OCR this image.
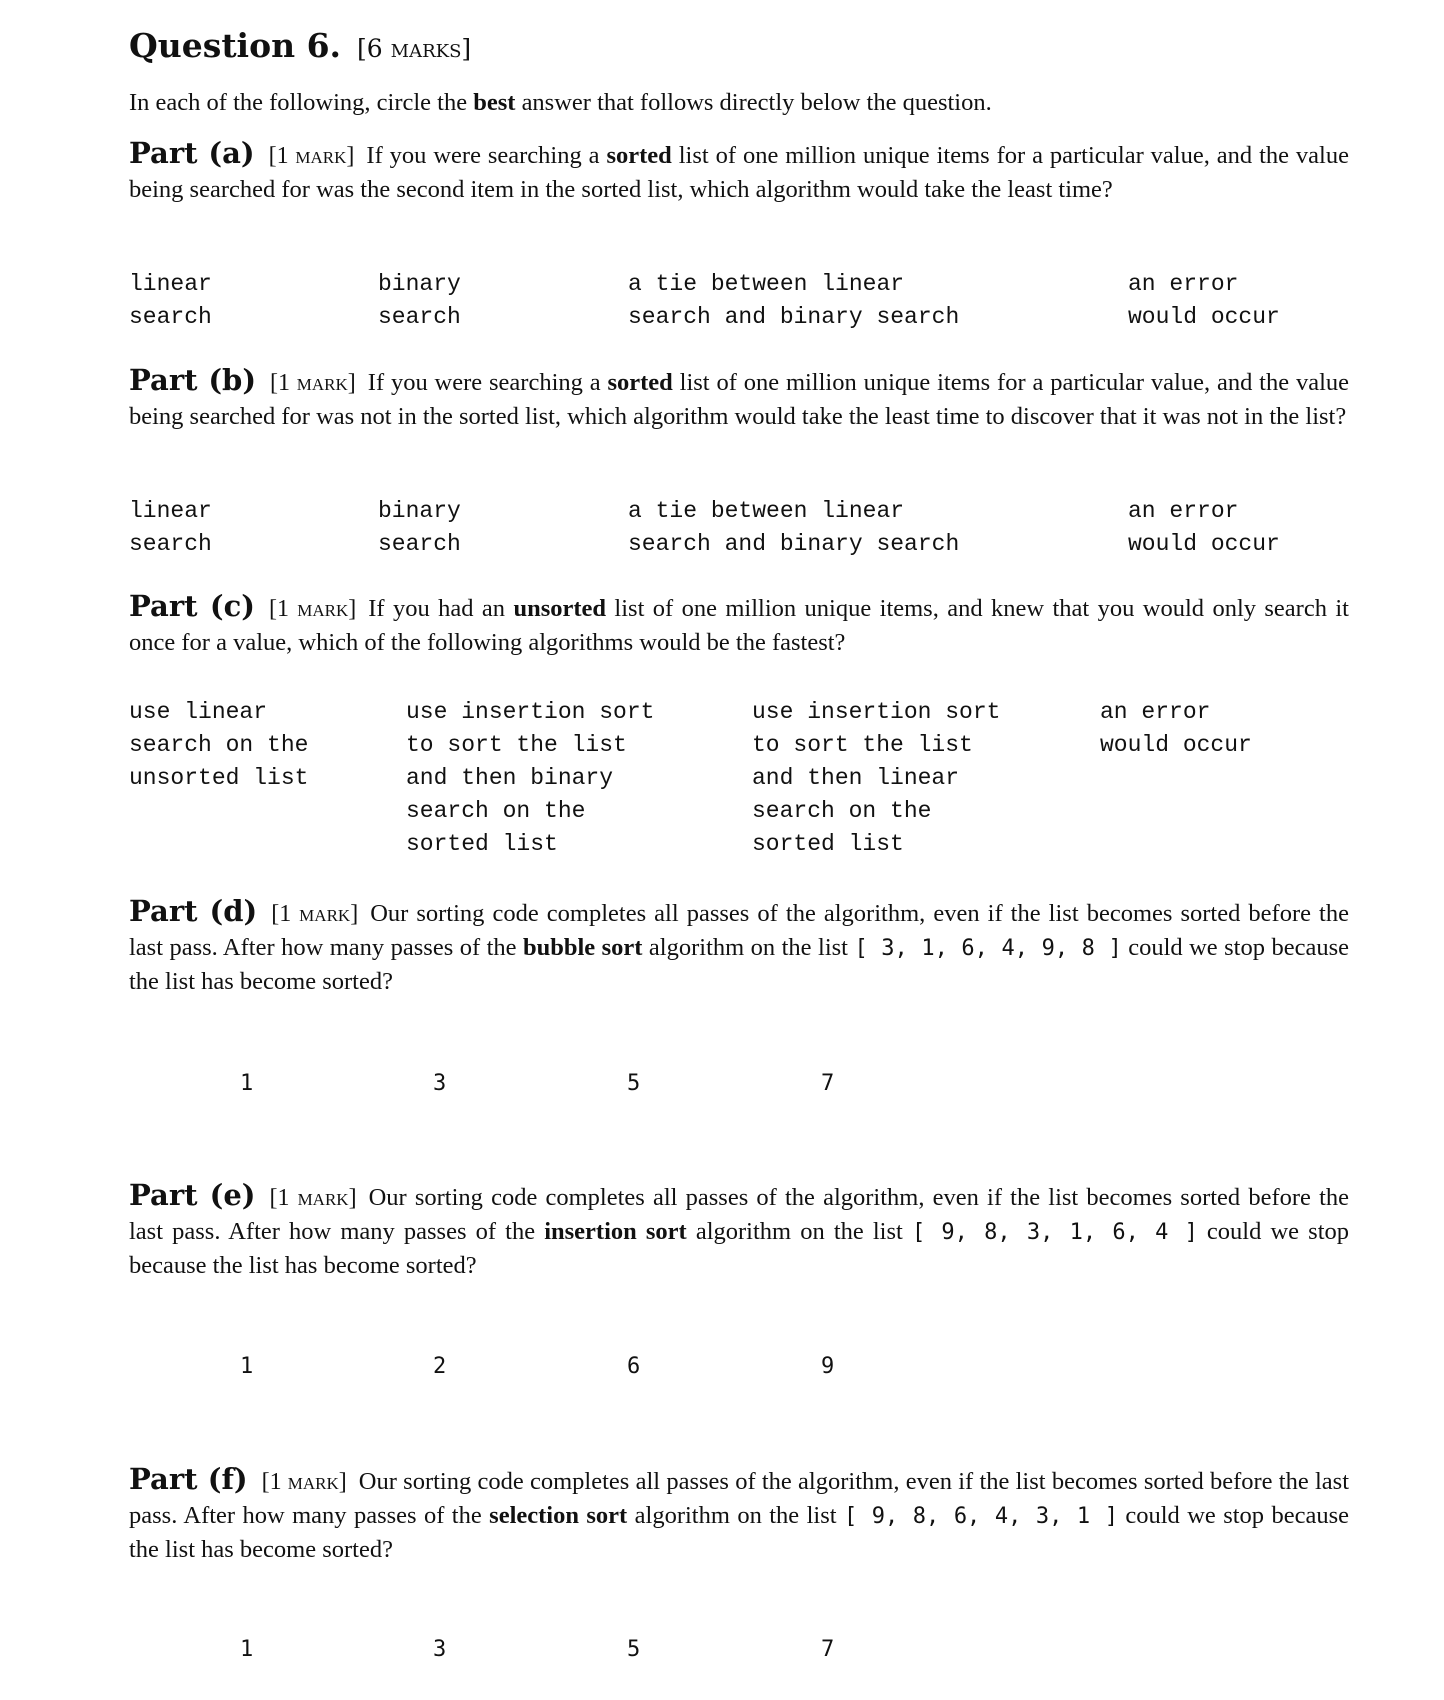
Question 6. [6 marks]
In each of the following, circle the best answer that follows directly below the question.
Part (a) [1 mark] If you were searching a sorted list of one million unique items for a particular value, and the value being searched for was the second item in the sorted list, which algorithm would take the least time?
linear
search
binary
search
a tie between linear
search and binary search
an error
would occur
Part (b) [1 mark] If you were searching a sorted list of one million unique items for a particular value, and the value being searched for was not in the sorted list, which algorithm would take the least time to discover that it was not in the list?
linear
search
binary
search
a tie between linear
search and binary search
an error
would occur
Part (c) [1 mark] If you had an unsorted list of one million unique items, and knew that you would only search it once for a value, which of the following algorithms would be the fastest?
use linear
search on the
unsorted list
use insertion sort
to sort the list
and then binary
search on the
sorted list
use insertion sort
to sort the list
and then linear
search on the
sorted list
an error
would occur
Part (d) [1 mark] Our sorting code completes all passes of the algorithm, even if the list becomes sorted before the last pass. After how many passes of the bubble sort algorithm on the list [ 3, 1, 6, 4, 9, 8 ] could we stop because the list has become sorted?
1	3	5	7
Part (e) [1 mark] Our sorting code completes all passes of the algorithm, even if the list becomes sorted before the last pass. After how many passes of the insertion sort algorithm on the list [ 9, 8, 3, 1, 6, 4 ] could we stop because the list has become sorted?
1	2	6	9
Part (f) [1 mark] Our sorting code completes all passes of the algorithm, even if the list becomes sorted before the last pass. After how many passes of the selection sort algorithm on the list [ 9, 8, 6, 4, 3, 1 ] could we stop because the list has become sorted?
1	3	5	7
